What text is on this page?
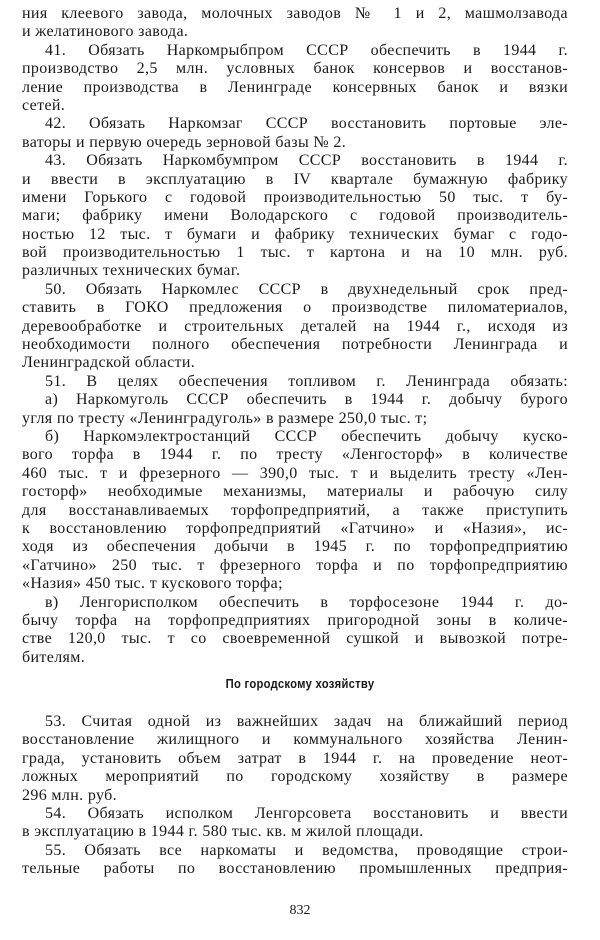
ния клеевого завода, молочных заводов № 1 и 2, машмолзавода
и желатинового завода.
41. Обязать Наркомрыбпром СССР обеспечить в 1944 г.
производство 2,5 млн. условных банок консервов и восстанов-
ление производства в Ленинграде консервных банок и вязки
сетей.
42. Обязать Наркомзаг СССР восстановить портовые эле-
ваторы и первую очередь зерновой базы № 2.
43. Обязать Наркомбумпром СССР восстановить в 1944 г.
и ввести в эксплуатацию в IV квартале бумажную фабрику
имени Горького с годовой производительностью 50 тыс. т бу-
маги; фабрику имени Володарского с годовой производитель-
ностью 12 тыс. т бумаги и фабрику технических бумаг с годо-
вой производительностью 1 тыс. т картона и на 10 млн. руб.
различных технических бумаг.
50. Обязать Наркомлес СССР в двухнедельный срок пред-
ставить в ГОКО предложения о производстве пиломатериалов,
деревообработке и строительных деталей на 1944 г., исходя из
необходимости полного обеспечения потребности Ленинграда и
Ленинградской области.
51. В целях обеспечения топливом г. Ленинграда обязать:
а) Наркомуголь СССР обеспечить в 1944 г. добычу бурого
угля по тресту «Ленинградуголь» в размере 250,0 тыс. т;
б) Наркомэлектростанций СССР обеспечить добычу куско-
вого торфа в 1944 г. по тресту «Ленгосторф» в количестве
460 тыс. т и фрезерного — 390,0 тыс. т и выделить тресту «Лен-
госторф» необходимые механизмы, материалы и рабочую силу
для восстанавливаемых торфопредприятий, а также приступить
к восстановлению торфопредприятий «Гатчино» и «Назия», ис-
ходя из обеспечения добычи в 1945 г. по торфопредприятию
«Гатчино» 250 тыс. т фрезерного торфа и по торфопредприятию
«Назия» 450 тыс. т кускового торфа;
в) Ленгорисполком обеспечить в торфосезоне 1944 г. до-
бычу торфа на торфопредприятиях пригородной зоны в количе-
стве 120,0 тыс. т со своевременной сушкой и вывозкой потре-
бителям.
По городскому хозяйству
53. Считая одной из важнейших задач на ближайший период
восстановление жилищного и коммунального хозяйства Ленин-
града, установить объем затрат в 1944 г. на проведение неот-
ложных мероприятий по городскому хозяйству в размере
296 млн. руб.
54. Обязать исполком Ленгорсовета восстановить и ввести
в эксплуатацию в 1944 г. 580 тыс. кв. м жилой площади.
55. Обязать все наркоматы и ведомства, проводящие строи-
тельные работы по восстановлению промышленных предприя-
832
